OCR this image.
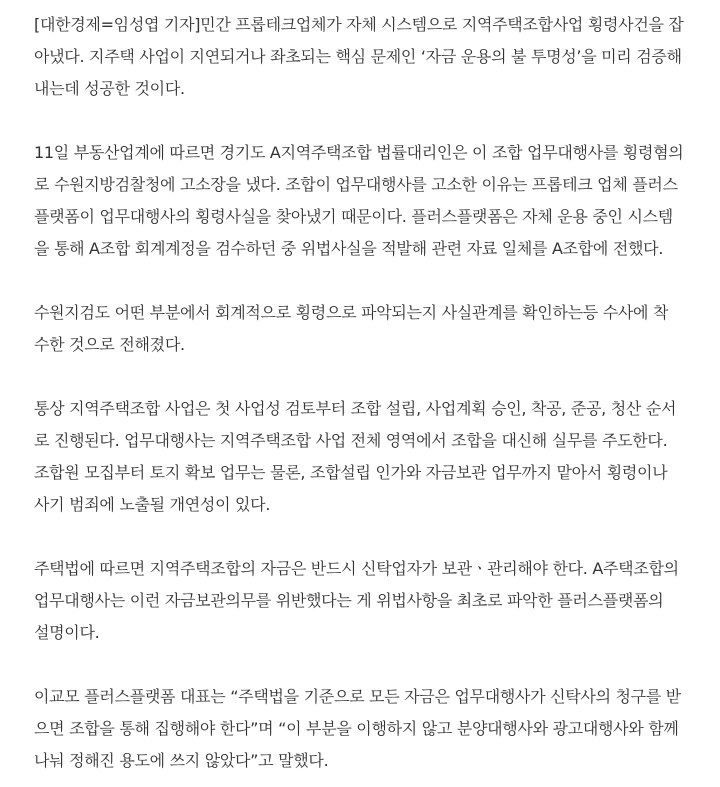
[대한경제=임성엽 기자]민간 프롭테크업체가 자체 시스템으로 지역주택조합사업 횡령사건을 잡
아냈다. 지주택 사업이 지연되거나 좌초되는 핵심 문제인 ‘자금 운용의 불 투명성’을 미리 검증해
내는데 성공한 것이다.

11일 부동산업계에 따르면 경기도 A지역주택조합 법률대리인은 이 조합 업무대행사를 횡령혐의
로 수원지방검찰청에 고소장을 냈다. 조합이 업무대행사를 고소한 이유는 프롭테크 업체 플러스
플랫폼이 업무대행사의 횡령사실을 찾아냈기 때문이다. 플러스플랫폼은 자체 운용 중인 시스템
을 통해 A조합 회계계정을 검수하던 중 위법사실을 적발해 관련 자료 일체를 A조합에 전했다.

수원지검도 어떤 부분에서 회계적으로 횡령으로 파악되는지 사실관계를 확인하는등 수사에 착
수한 것으로 전해졌다.

통상 지역주택조합 사업은 첫 사업성 검토부터 조합 설립, 사업계획 승인, 착공, 준공, 청산 순서
로 진행된다. 업무대행사는 지역주택조합 사업 전체 영역에서 조합을 대신해 실무를 주도한다.
조합원 모집부터 토지 확보 업무는 물론, 조합설립 인가와 자금보관 업무까지 맡아서 횡령이나
사기 범죄에 노출될 개연성이 있다.

주택법에 따르면 지역주택조합의 자금은 반드시 신탁업자가 보관ㆍ관리해야 한다. A주택조합의
업무대행사는 이런 자금보관의무를 위반했다는 게 위법사항을 최초로 파악한 플러스플랫폼의
설명이다.

이교모 플러스플랫폼 대표는 “주택법을 기준으로 모든 자금은 업무대행사가 신탁사의 청구를 받
으면 조합을 통해 집행해야 한다”며 “이 부분을 이행하지 않고 분양대행사와 광고대행사와 함께
나눠 정해진 용도에 쓰지 않았다”고 말했다.
